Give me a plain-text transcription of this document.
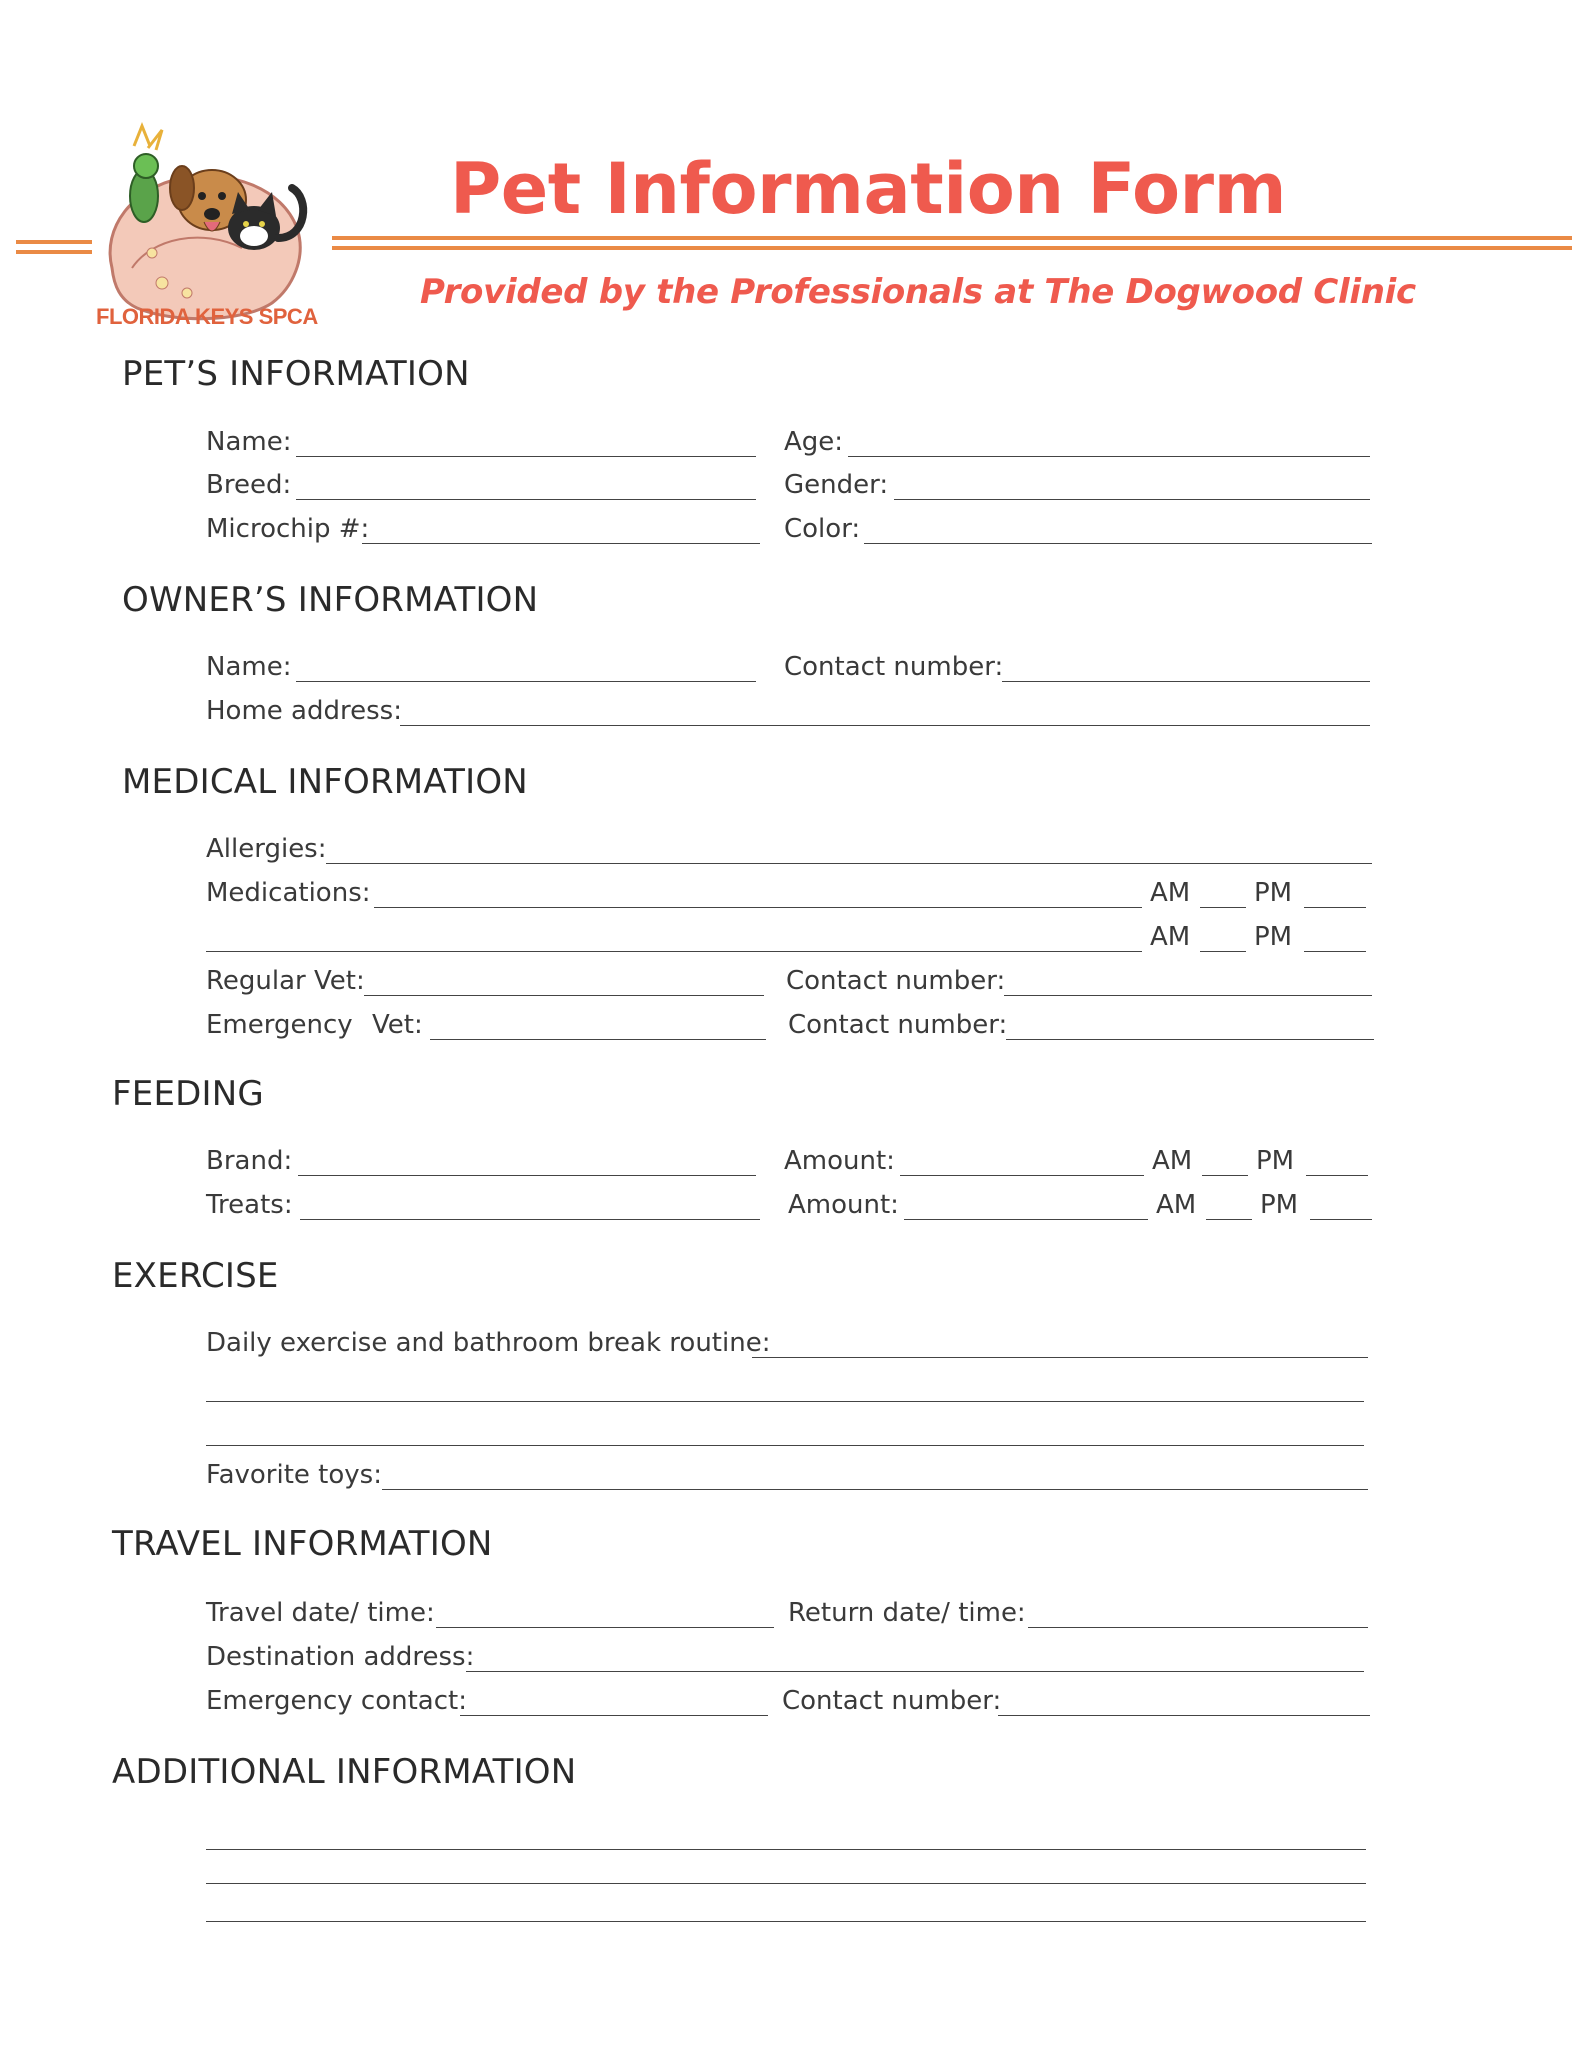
FLORIDA KEYS SPCA
Pet Information Form
Provided by the Professionals at The Dogwood Clinic
PET’S INFORMATION
Name:	Age:
Breed:	Gender:
Microchip #:	Color:
OWNER’S INFORMATION
Name:	Contact number:
Home address:
MEDICAL INFORMATION
Allergies:
Medications:	AM PM
AM PM
Regular Vet:	Contact number:
Emergency Vet:	Contact number:
FEEDING
Brand:	Amount:	AM PM
Treats:	Amount:	AM PM
EXERCISE
Daily exercise and bathroom break routine:
Favorite toys:
TRAVEL INFORMATION
Travel date/ time:	Return date/ time:
Destination address:
Emergency contact:	Contact number:
ADDITIONAL INFORMATION
